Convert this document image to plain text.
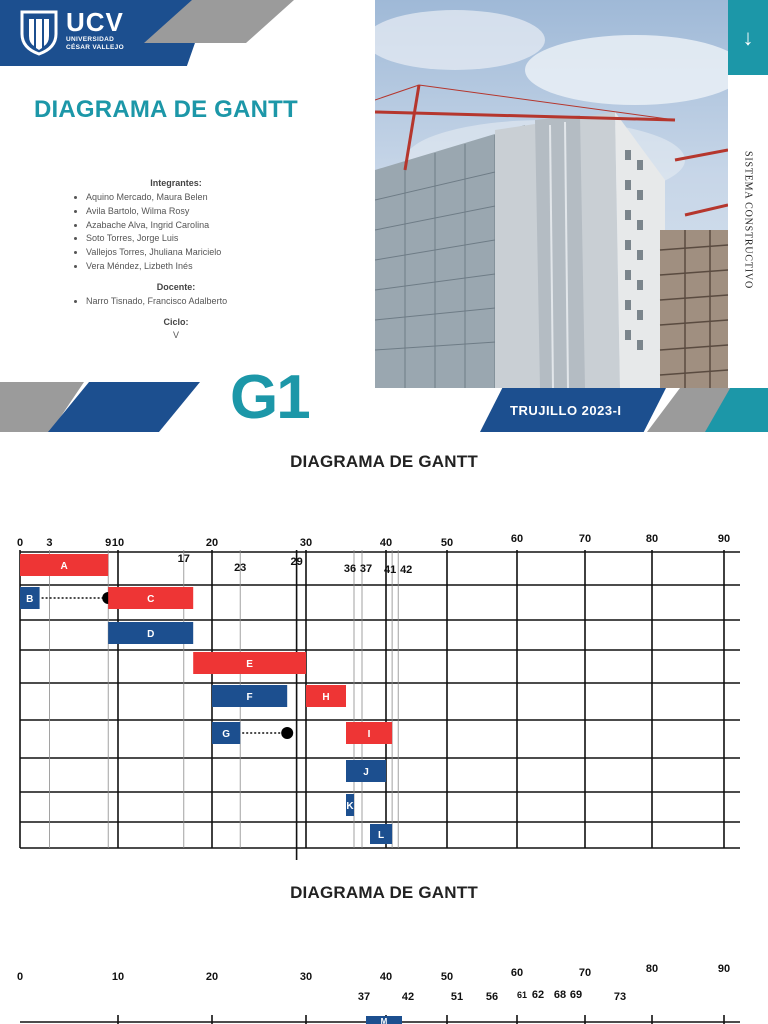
UCV
UNIVERSIDAD
CÉSAR VALLEJO
DIAGRAMA DE GANTT
Integrantes:
• Aquino Mercado, Maura Belen
• Avila Bartolo, Wilma Rosy
• Azabache Alva, Ingrid Carolina
• Soto Torres, Jorge Luis
• Vallejos Torres, Jhuliana Maricielo
• Vera Méndez, Lizbeth Inés
Docente:
• Narro Tisnado, Francisco Adalberto
Ciclo:
V
G1
↓
SISTEMA CONSTRUCTIVO
TRUJILLO 2023-I
DIAGRAMA DE GANTT
0	10	20	30	40	50	60	70	80	90
3	9
17
23	29
36 37 41 42
A
B	C
D
E
F	H
G	I
J
K
L
DIAGRAMA DE GANTT
0	10	20	30	40	50	60	70	80	90
37	42	51 56 61 62 68 69	73
M
